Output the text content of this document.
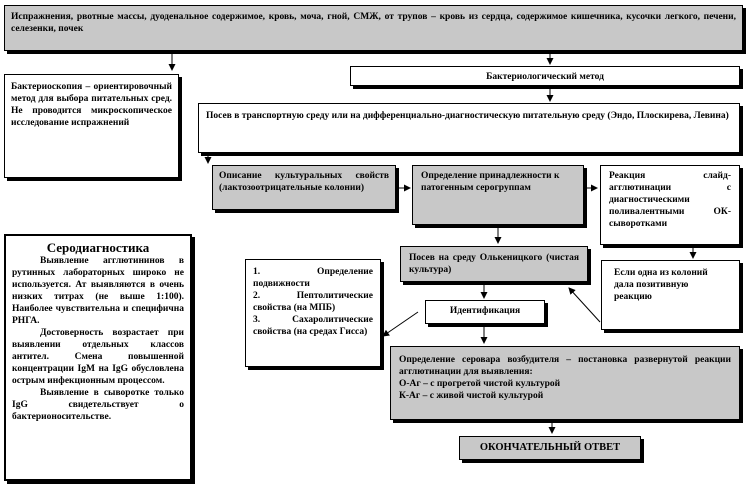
Испражнения, рвотные массы, дуоденальное содержимое, кровь, моча, гной, СМЖ, от трупов – кровь из сердца, содержимое кишечника, кусочки легкого, печени, селезенки, почек
Бактериоскопия – ориентировочный метод для выбора питательных сред. Не проводится микроскопическое исследование испражнений
Бактериологический метод
Посев в транспортную среду или на дифференциально-диагностическую питательную среду (Эндо, Плоскирева, Левина)
Описание культуральных свойств (лактозоотрицательные колонии)
Определение принадлежности к патогенным серогруппам
Реакция слайд-агглютинации с диагностическими поливалентными ОК-сыворотками
Серодиагностика
Выявление агглютининов в рутинных лабораторных широко не используется. Ат выявляются в очень низких титрах (не выше 1:100). Наиболее чувствительна и специфична РНГА.
Достоверность возрастает при выявлении отдельных классов антител. Смена повышенной концентрации IgM на IgG обусловлена острым инфекционным процессом.
Выявление в сыворотке только IgG свидетельствует о бактерионосительстве.
Посев на среду Олькеницкого (чистая культура)
1. Определение подвижности
2. Пептолитические свойства (на МПБ)
3. Сахаролитические свойства (на средах Гисса)
Если одна из колоний дала позитивную реакцию
Идентификация
Определение серовара возбудителя – постановка развернутой реакции агглютинации для выявления:
О-Аг – с прогретой чистой культурой
К-Аг – с живой чистой культурой
ОКОНЧАТЕЛЬНЫЙ ОТВЕТ
